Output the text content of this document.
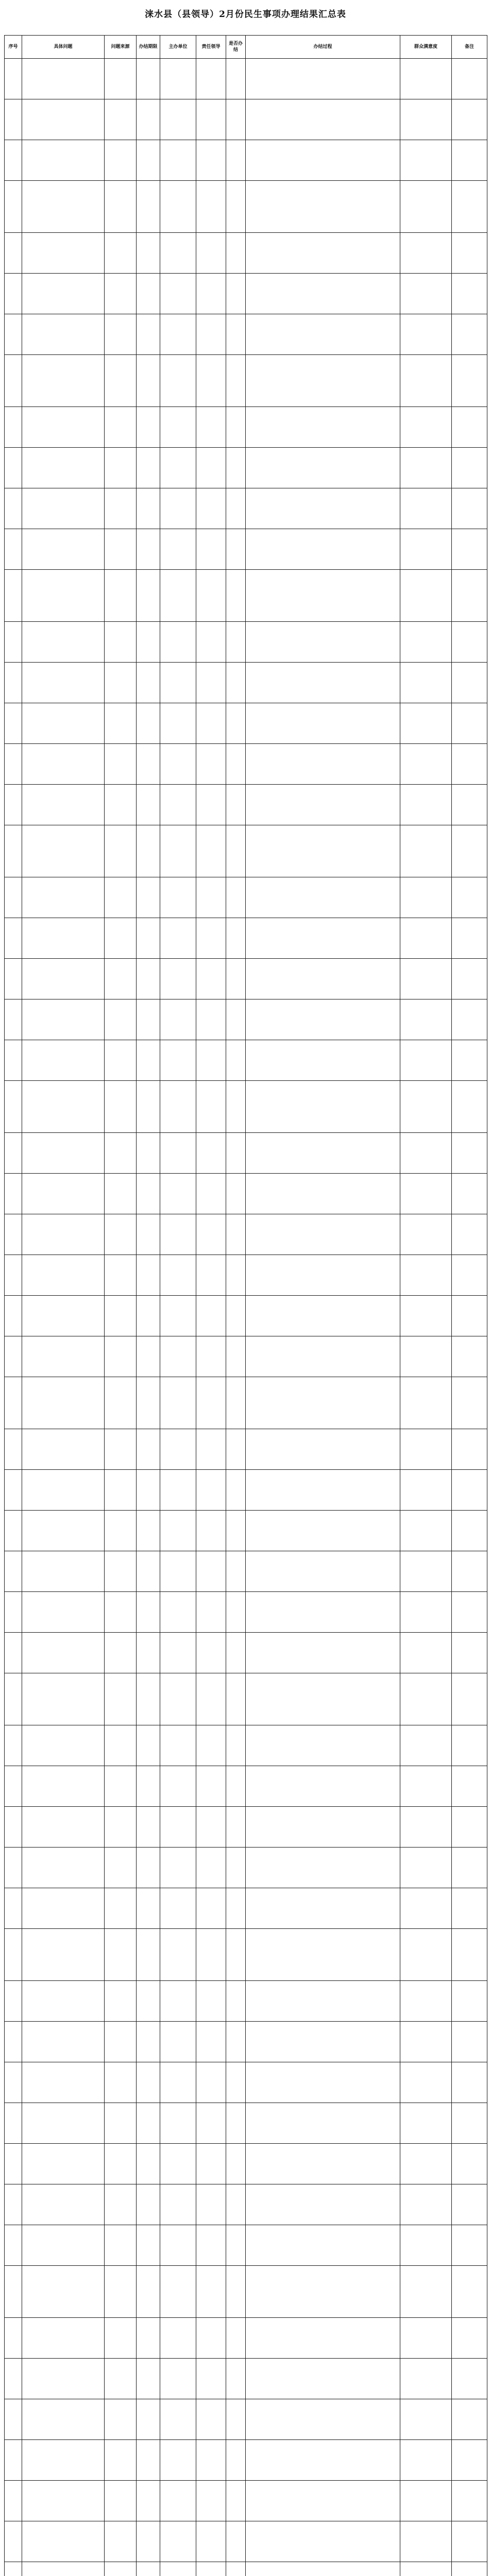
涞水县（县领导）2月份民生事项办理结果汇总表
序号	具体问题	问题来源	办结期限	主办单位	责任领导	是否办结	办结过程	群众满意度	备注
